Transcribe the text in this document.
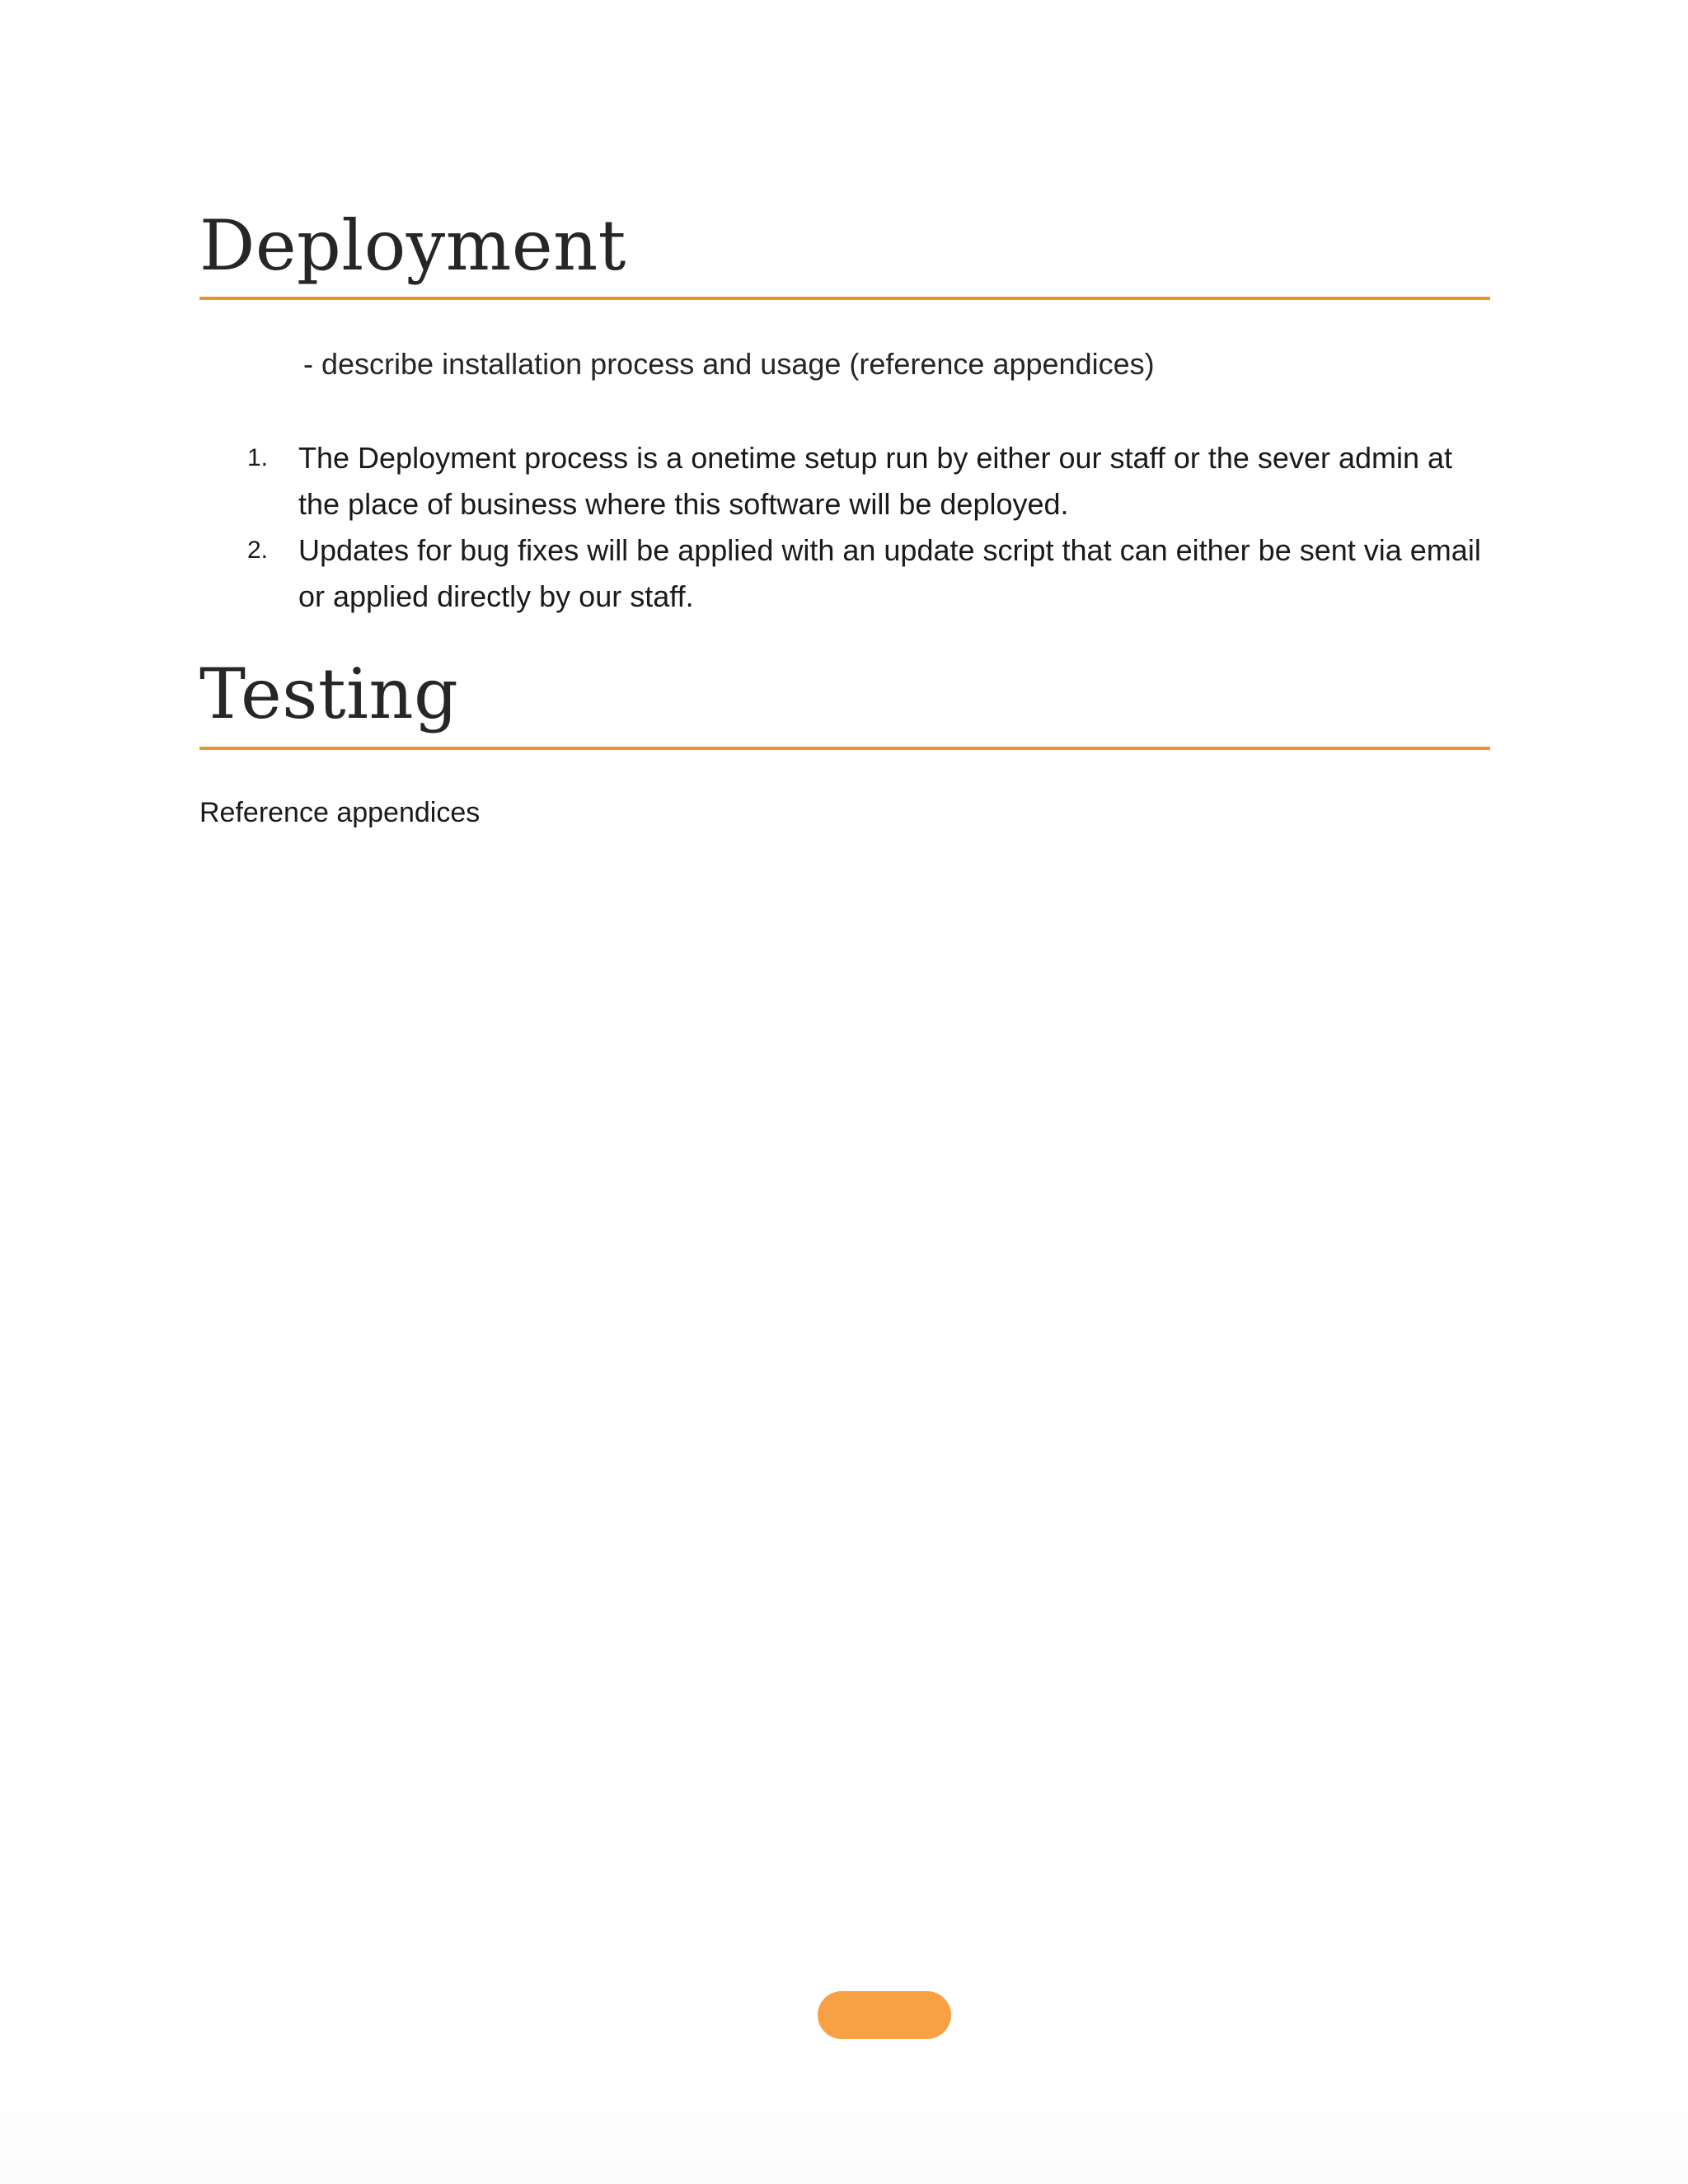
Deployment
- describe installation process and usage (reference appendices)
1. The Deployment process is a onetime setup run by either our staff or the sever admin at the place of business where this software will be deployed.
2. Updates for bug fixes will be applied with an update script that can either be sent via email or applied directly by our staff.
Testing
Reference appendices
